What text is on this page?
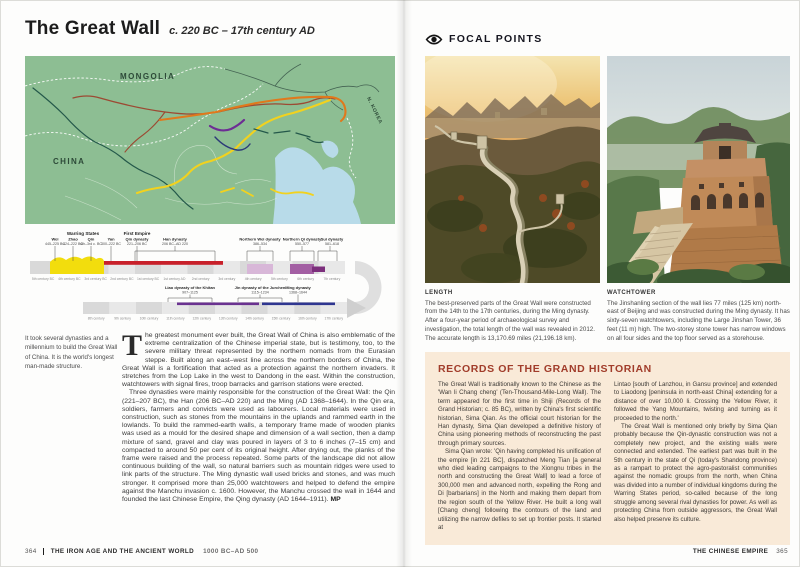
The Great Wall c. 220 BC – 17th century AD
MONGOLIA
CHINA
N. KOREA
5th century BC 4th century BC 3rd century BC 2nd century BC 1st century BC 1st century AD 2nd century	3rd century	4th century	5th century	6th century	7th century
8th century	9th century	10th century 11th century 12th century 13th century 14th century 15th century 16th century 17th century
Warring States	First Empire
Wei
445–225 BC
Zhao
424–222 BC
Qin
4th–3rd c. BC
Yan
300–222 BC
Qin dynasty
221–206 BC
Han dynasty
206 BC–AD 220
Northern Wei dynasty
386–534
Northern Qi dynasty
550–577
Sui dynasty
581–618
Liao dynasty of the Khitan
907–1125
Jin dynasty of the Jurchen
1115–1234
Ming dynasty
1368–1644

It took several dynasties and a millennium to build the Great Wall of China. It is the world's longest man-made structure.

The greatest monument ever built, the Great Wall of China is also emblematic of the extreme centralization of the Chinese imperial state, but is testimony, too, to the severe military threat represented by the northern nomads from the Eurasian steppe. Built along an east–west line across the northern borders of China, the Great Wall is a fortification that acted as a protection against the northern invaders. It stretches from the Lop Lake in the west to Dandong in the east. Within the construction, watchtowers with signal fires, troop barracks and garrison stations were erected.

Three dynasties were mainly responsible for the construction of the Great Wall: the Qin (221–207 BC), the Han (206 BC–AD 220) and the Ming (AD 1368–1644). In the Qin era, soldiers, farmers and convicts were used as labourers. Local materials were used in construction, such as stones from the mountains in the uplands and rammed earth in the lowlands. To build the rammed-earth walls, a temporary frame made of wooden planks was used as a mould for the desired shape and dimension of a wall section, then a damp mixture of sand, gravel and clay was poured in layers of 3 to 6 inches (7–15 cm) and compacted to around 50 per cent of its original height. After drying out, the planks of the frame were raised and the process repeated. Some parts of the landscape did not allow continuous building of the wall, so natural barriers such as mountain ridges were used to link parts of the structure. The Ming dynastic wall used bricks and stones, and was much stronger. It comprised more than 25,000 watchtowers and helped to defend the empire against the Manchu invasion c. 1600. However, the Manchu crossed the wall in 1644 and founded the last Chinese Empire, the Qing dynasty (AD 1644–1911). MP

364 THE IRON AGE AND THE ANCIENT WORLD 1000 BC–AD 500
FOCAL POINTS

LENGTH
The best-preserved parts of the Great Wall were constructed from the 14th to the 17th centuries, during the Ming dynasty. After a four-year period of archaeological survey and investigation, the total length of the wall was revealed in 2012. The accurate length is 13,170.69 miles (21,196.18 km).

WATCHTOWER
The Jinshanling section of the wall lies 77 miles (125 km) north-east of Beijing and was constructed during the Ming dynasty. It has sixty-seven watchtowers, including the Large Jinshan Tower, 36 feet (11 m) high. The two-storey stone tower has narrow windows on all four sides and the top floor served as a storehouse.

RECORDS OF THE GRAND HISTORIAN

The Great Wall is traditionally known to the Chinese as the 'Wan li Chang cheng' (Ten-Thousand-Mile-Long Wall). The term appeared for the first time in Shiji (Records of the Grand Historian; c. 85 BC), written by China's first scientific historian, Sima Qian. As the official court historian for the Han dynasty, Sima Qian developed a definitive history of China using pioneering methods of reconstructing the past through primary sources.

Sima Qian wrote: 'Qin having completed his unification of the empire [in 221 BC], dispatched Meng Tian [a general who died leading campaigns to the Xiongnu tribes in the north and constructing the Great Wall] to lead a force of 300,000 men and advanced north, expelling the Rong and Di [barbarians] in the North and making them depart from the region south of the Yellow River. He built a long wall [Chang cheng] following the contours of the land and utilizing the narrow defiles to set up frontier posts. It started at

Lintao [south of Lanzhou, in Gansu province] and extended to Liaodong [peninsula in north-east China] extending for a distance of over 10,000 li. Crossing the Yellow River, it followed the Yang Mountains, twisting and turning as it proceeded to the north.'

The Great Wall is mentioned only briefly by Sima Qian probably because the Qin-dynastic construction was not a completely new project, and the existing walls were connected and extended. The earliest part was built in the 5th century in the state of Qi (today's Shandong province) as a rampart to protect the agro-pastoralist communities against the nomadic groups from the north, when China was divided into a number of individual kingdoms during the Warring States period, so-called because of the long struggle among several rival dynasties for power. As well as protecting China from outside aggressors, the Great Wall also helped preserve its culture.

THE CHINESE EMPIRE 365
